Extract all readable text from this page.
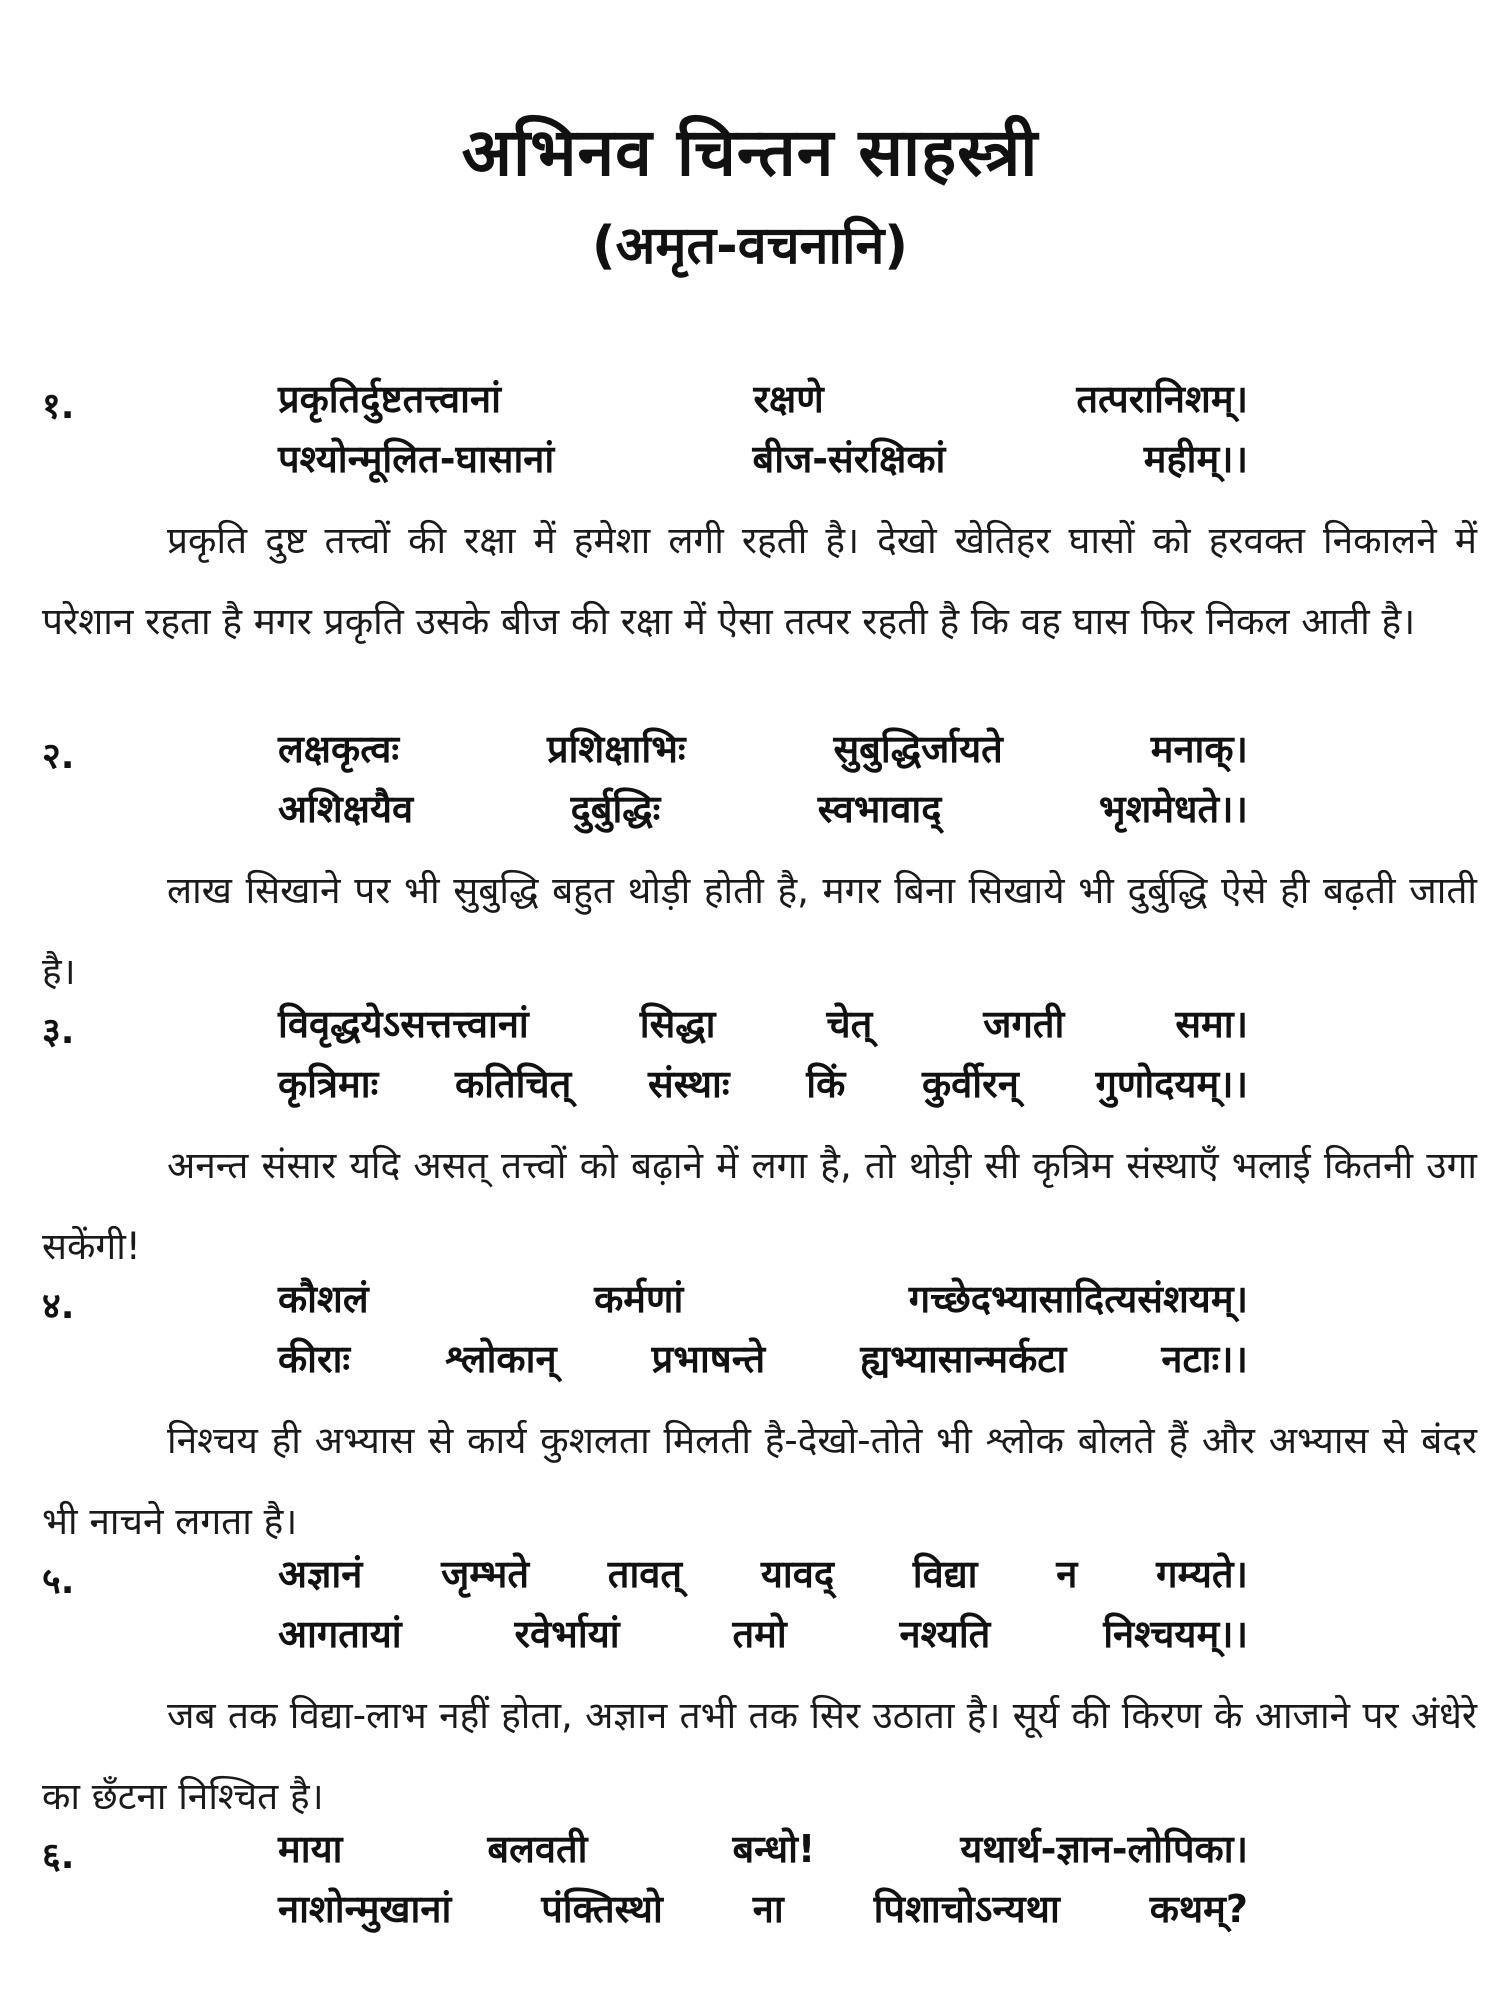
अभिनव चिन्तन साहस्त्री
(अमृत-वचनानि)
१.	प्रकृतिर्दुष्टतत्त्वानां	रक्षणे	तत्परानिशम्।
पश्योन्मूलित-घासानां	बीज-संरक्षिकां	महीम्।।
प्रकृति दुष्ट तत्त्वों की रक्षा में हमेशा लगी रहती है। देखो खेतिहर घासों को हरवक्त निकालने में परेशान रहता है मगर प्रकृति उसके बीज की रक्षा में ऐसा तत्पर रहती है कि वह घास फिर निकल आती है।
२.	लक्षकृत्वः	प्रशिक्षाभिः	सुबुद्धिर्जायते	मनाक्।
अशिक्षयैव	दुर्बुद्धिः	स्वभावाद्	भृशमेधते।।
लाख सिखाने पर भी सुबुद्धि बहुत थोड़ी होती है, मगर बिना सिखाये भी दुर्बुद्धि ऐसे ही बढ़ती जाती है।
३.	विवृद्धयेऽसत्तत्त्वानां	सिद्धा	चेत्	जगती	समा।
कृत्रिमाः कतिचित् संस्थाः किं कुर्वीरन् गुणोदयम्।।
अनन्त संसार यदि असत् तत्त्वों को बढ़ाने में लगा है, तो थोड़ी सी कृत्रिम संस्थाएँ भलाई कितनी उगा सकेंगी!
४.	कौशलं	कर्मणां	गच्छेदभ्यासादित्यसंशयम्।
कीराः	श्लोकान्	प्रभाषन्ते	ह्यभ्यासान्मर्कटा	नटाः।।
निश्चय ही अभ्यास से कार्य कुशलता मिलती है-देखो-तोते भी श्लोक बोलते हैं और अभ्यास से बंदर भी नाचने लगता है।
५.	अज्ञानं जृम्भते तावत् यावद् विद्या न गम्यते।
आगतायां	रवेर्भायां	तमो	नश्यति	निश्चयम्।।
जब तक विद्या-लाभ नहीं होता, अज्ञान तभी तक सिर उठाता है। सूर्य की किरण के आजाने पर अंधेरे का छँटना निश्चित है।
६.	माया	बलवती	बन्धो!	यथार्थ-ज्ञान-लोपिका।
नाशोन्मुखानां पंक्तिस्थो ना पिशाचोऽन्यथा कथम्?
